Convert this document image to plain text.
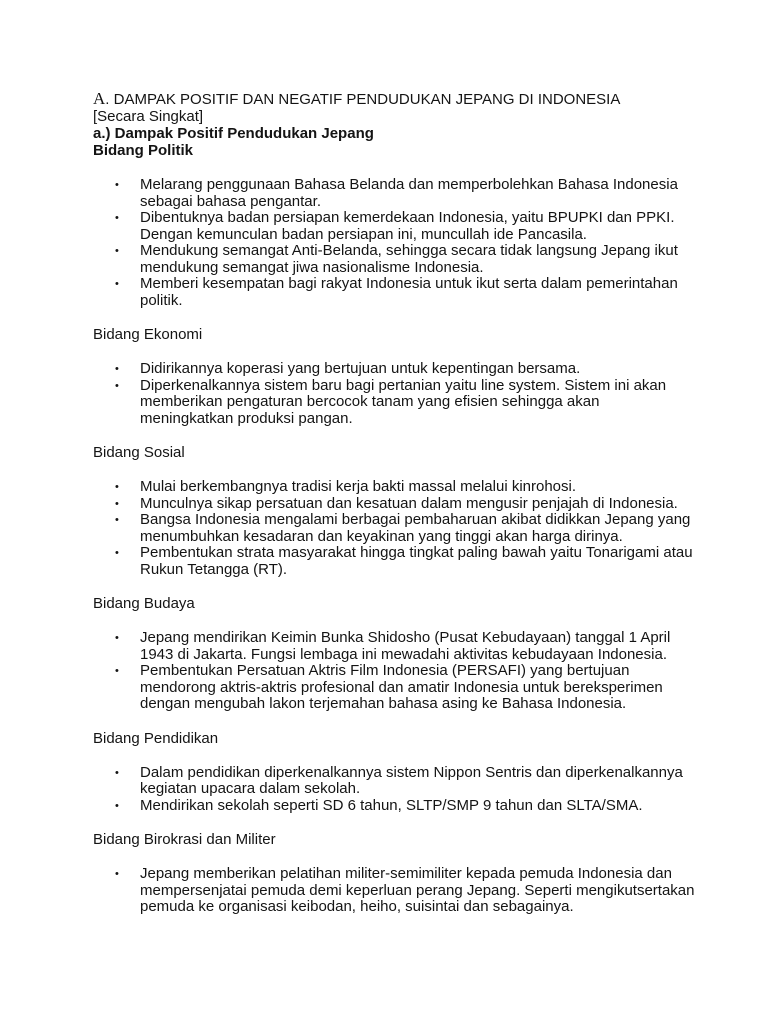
A. DAMPAK POSITIF DAN NEGATIF PENDUDUKAN JEPANG DI INDONESIA
[Secara Singkat]
a.) Dampak Positif Pendudukan Jepang
Bidang Politik
• Melarang penggunaan Bahasa Belanda dan memperbolehkan Bahasa Indonesia sebagai bahasa pengantar.
• Dibentuknya badan persiapan kemerdekaan Indonesia, yaitu BPUPKI dan PPKI. Dengan kemunculan badan persiapan ini, muncullah ide Pancasila.
• Mendukung semangat Anti-Belanda, sehingga secara tidak langsung Jepang ikut mendukung semangat jiwa nasionalisme Indonesia.
• Memberi kesempatan bagi rakyat Indonesia untuk ikut serta dalam pemerintahan politik.
Bidang Ekonomi
• Didirikannya koperasi yang bertujuan untuk kepentingan bersama.
• Diperkenalkannya sistem baru bagi pertanian yaitu line system. Sistem ini akan memberikan pengaturan bercocok tanam yang efisien sehingga akan meningkatkan produksi pangan.
Bidang Sosial
• Mulai berkembangnya tradisi kerja bakti massal melalui kinrohosi.
• Munculnya sikap persatuan dan kesatuan dalam mengusir penjajah di Indonesia.
• Bangsa Indonesia mengalami berbagai pembaharuan akibat didikkan Jepang yang menumbuhkan kesadaran dan keyakinan yang tinggi akan harga dirinya.
• Pembentukan strata masyarakat hingga tingkat paling bawah yaitu Tonarigami atau Rukun Tetangga (RT).
Bidang Budaya
• Jepang mendirikan Keimin Bunka Shidosho (Pusat Kebudayaan) tanggal 1 April 1943 di Jakarta. Fungsi lembaga ini mewadahi aktivitas kebudayaan Indonesia.
• Pembentukan Persatuan Aktris Film Indonesia (PERSAFI) yang bertujuan mendorong aktris-aktris profesional dan amatir Indonesia untuk bereksperimen dengan mengubah lakon terjemahan bahasa asing ke Bahasa Indonesia.
Bidang Pendidikan
• Dalam pendidikan diperkenalkannya sistem Nippon Sentris dan diperkenalkannya kegiatan upacara dalam sekolah.
• Mendirikan sekolah seperti SD 6 tahun, SLTP/SMP 9 tahun dan SLTA/SMA.
Bidang Birokrasi dan Militer
• Jepang memberikan pelatihan militer-semimiliter kepada pemuda Indonesia dan mempersenjatai pemuda demi keperluan perang Jepang. Seperti mengikutsertakan pemuda ke organisasi keibodan, heiho, suisintai dan sebagainya.
